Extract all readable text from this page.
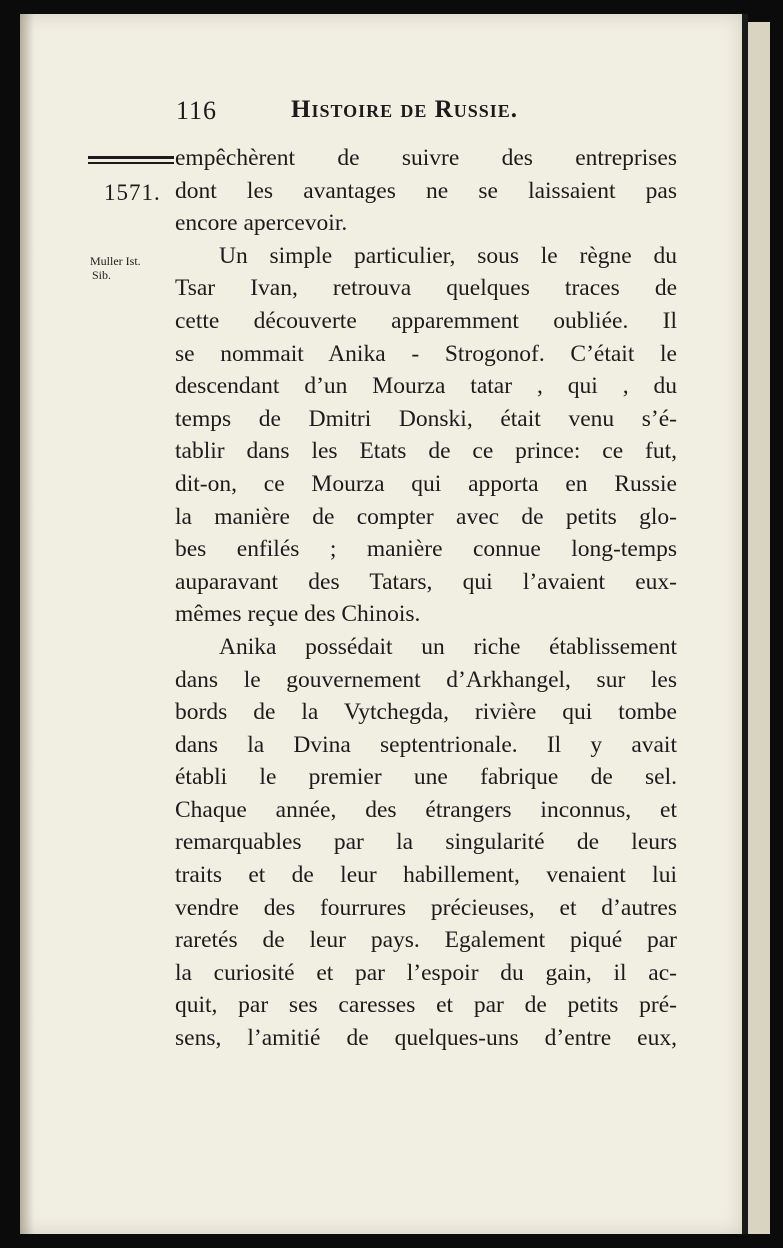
116	Histoire de Russie.
1571.
Muller Ist.
Sib.
empêchèrent de suivre des entreprises
dont les avantages ne se laissaient pas
encore apercevoir.
Un simple particulier, sous le règne du
Tsar Ivan, retrouva quelques traces de
cette découverte apparemment oubliée. Il
se nommait Anika - Strogonof. C’était le
descendant d’un Mourza tatar , qui , du
temps de Dmitri Donski, était venu s’é-
tablir dans les Etats de ce prince: ce fut,
dit-on, ce Mourza qui apporta en Russie
la manière de compter avec de petits glo-
bes enfilés ; manière connue long-temps
auparavant des Tatars, qui l’avaient eux-
mêmes reçue des Chinois.
Anika possédait un riche établissement
dans le gouvernement d’Arkhangel, sur les
bords de la Vytchegda, rivière qui tombe
dans la Dvina septentrionale. Il y avait
établi le premier une fabrique de sel.
Chaque année, des étrangers inconnus, et
remarquables par la singularité de leurs
traits et de leur habillement, venaient lui
vendre des fourrures précieuses, et d’autres
raretés de leur pays. Egalement piqué par
la curiosité et par l’espoir du gain, il ac-
quit, par ses caresses et par de petits pré-
sens, l’amitié de quelques-uns d’entre eux,
